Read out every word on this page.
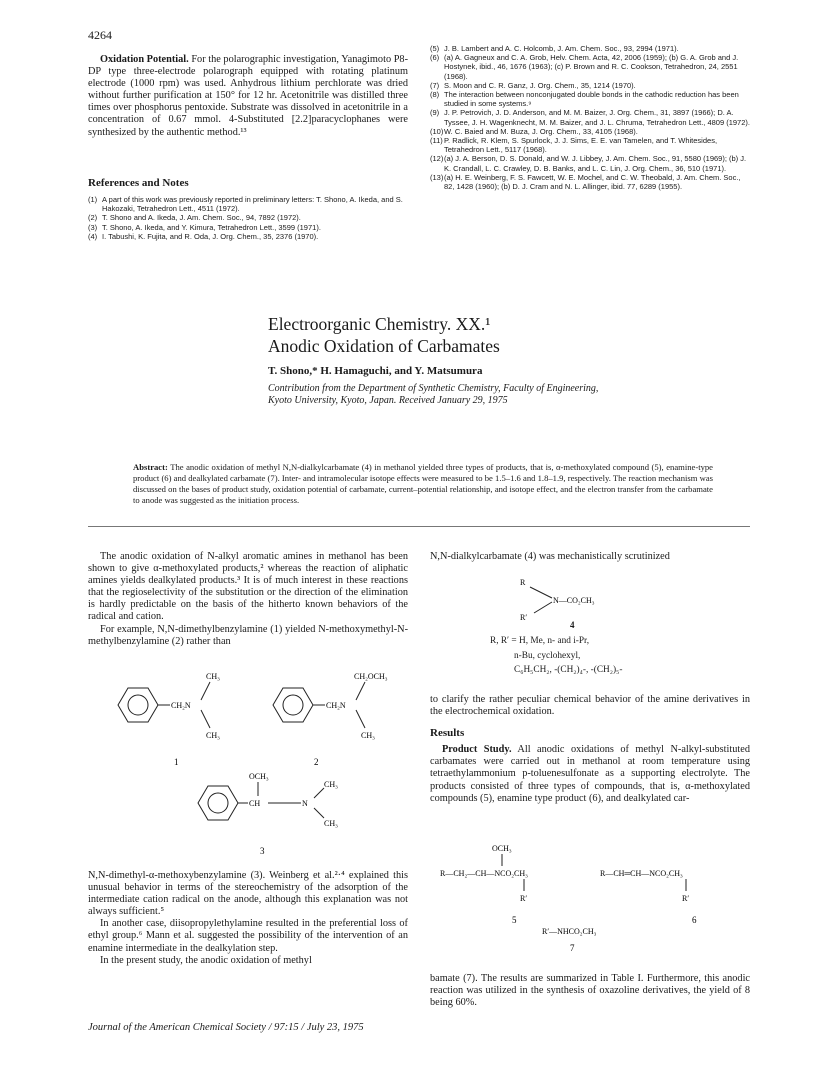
4264

Oxidation Potential. For the polarographic investigation, Yanagimoto P8-DP type three-electrode polarograph equipped with rotating platinum electrode (1000 rpm) was used. Anhydrous lithium perchlorate was dried without further purification at 150° for 12 hr. Acetonitrile was distilled three times over phosphorus pentoxide. Substrate was dissolved in acetonitrile in a concentration of 0.67 mmol. 4-Substituted [2.2]paracyclophanes were synthesized by the authentic method.¹³

References and Notes
(1) A part of this work was previously reported in preliminary letters: T. Shono, A. Ikeda, and S. Hakozaki, Tetrahedron Lett., 4511 (1972).
(2) T. Shono and A. Ikeda, J. Am. Chem. Soc., 94, 7892 (1972).
(3) T. Shono, A. Ikeda, and Y. Kimura, Tetrahedron Lett., 3599 (1971).
(4) I. Tabushi, K. Fujita, and R. Oda, J. Org. Chem., 35, 2376 (1970).
(5) J. B. Lambert and A. C. Holcomb, J. Am. Chem. Soc., 93, 2994 (1971).
(6) (a) A. Gagneux and C. A. Grob, Helv. Chem. Acta, 42, 2006 (1959); (b) G. A. Grob and J. Hostynek, ibid., 46, 1676 (1963); (c) P. Brown and R. C. Cookson, Tetrahedron, 24, 2551 (1968).
(7) S. Moon and C. R. Ganz, J. Org. Chem., 35, 1214 (1970).
(8) The interaction between nonconjugated double bonds in the cathodic reduction has been studied in some systems.⁹
(9) J. P. Petrovich, J. D. Anderson, and M. M. Baizer, J. Org. Chem., 31, 3897 (1966); D. A. Tyssee, J. H. Wagenknecht, M. M. Baizer, and J. L. Chruma, Tetrahedron Lett., 4809 (1972).
(10) W. C. Baied and M. Buza, J. Org. Chem., 33, 4105 (1968).
(11) P. Radlick, R. Klem, S. Spurlock, J. J. Sims, E. E. van Tamelen, and T. Whitesides, Tetrahedron Lett., 5117 (1968).
(12) (a) J. A. Berson, D. S. Donald, and W. J. Libbey, J. Am. Chem. Soc., 91, 5580 (1969); (b) J. K. Crandall, L. C. Crawley, D. B. Banks, and L. C. Lin, J. Org. Chem., 36, 510 (1971).
(13) (a) H. E. Weinberg, F. S. Fawcett, W. E. Mochel, and C. W. Theobald, J. Am. Chem. Soc., 82, 1428 (1960); (b) D. J. Cram and N. L. Allinger, ibid. 77, 6289 (1955).
Electroorganic Chemistry. XX.¹
Anodic Oxidation of Carbamates
T. Shono,* H. Hamaguchi, and Y. Matsumura
Contribution from the Department of Synthetic Chemistry, Faculty of Engineering,
Kyoto University, Kyoto, Japan. Received January 29, 1975
Abstract: The anodic oxidation of methyl N,N-dialkylcarbamate (4) in methanol yielded three types of products, that is, α-methoxylated compound (5), enamine-type product (6) and dealkylated carbamate (7). Inter- and intramolecular isotope effects were measured to be 1.5–1.6 and 1.8–1.9, respectively. The reaction mechanism was discussed on the bases of product study, oxidation potential of carbamate, current–potential relationship, and isotope effect, and the electron transfer from the carbamate to anode was suggested as the initiation process.

The anodic oxidation of N-alkyl aromatic amines in methanol has been shown to give α-methoxylated products,² whereas the reaction of aliphatic amines yields dealkylated products.³ It is of much interest in these reactions that the regioselectivity of the substitution or the direction of the elimination is hardly predictable on the basis of the hitherto known behaviors of the radical and cation.

For example, N,N-dimethylbenzylamine (1) yielded N-methoxymethyl-N-methylbenzylamine (2) rather than

CH₂N
CH₃
CH₃
1
CH₂N
CH₂OCH₃
CH₃
2
CH
OCH₃
N
CH₃
CH₃
3

N,N-dimethyl-α-methoxybenzylamine (3). Weinberg et al.²·⁴ explained this unusual behavior in terms of the stereochemistry of the adsorption of the intermediate cation radical on the anode, although this explanation was not always sufficient.⁵

In another case, diisopropylethylamine resulted in the preferential loss of ethyl group.⁶ Mann et al. suggested the possibility of the intervention of an enamine intermediate in the dealkylation step.

In the present study, the anodic oxidation of methyl

N,N-dialkylcarbamate (4) was mechanistically scrutinized

R
R′
N—CO₂CH₃
4
R, R′ = H, Me, n- and i-Pr,
n-Bu, cyclohexyl,
C₆H₅CH₂, -(CH₂)₄-, -(CH₂)₅-

to clarify the rather peculiar chemical behavior of the amine derivatives in the electrochemical oxidation.

Results

Product Study. All anodic oxidations of methyl N-alkyl-substituted carbamates were carried out in methanol at room temperature using tetraethylammonium p-toluenesulfonate as a supporting electrolyte. The products consisted of three types of compounds, that is, α-methoxylated compounds (5), enamine type product (6), and dealkylated car-

OCH₃
R—CH₂—CH—NCO₂CH₃
R′
5
R—CH═CH—NCO₂CH₃
R′
6
R′—NHCO₂CH₃
7

bamate (7). The results are summarized in Table I. Furthermore, this anodic reaction was utilized in the synthesis of oxazoline derivatives, the yield of 8 being 60%.

Journal of the American Chemical Society / 97:15 / July 23, 1975
